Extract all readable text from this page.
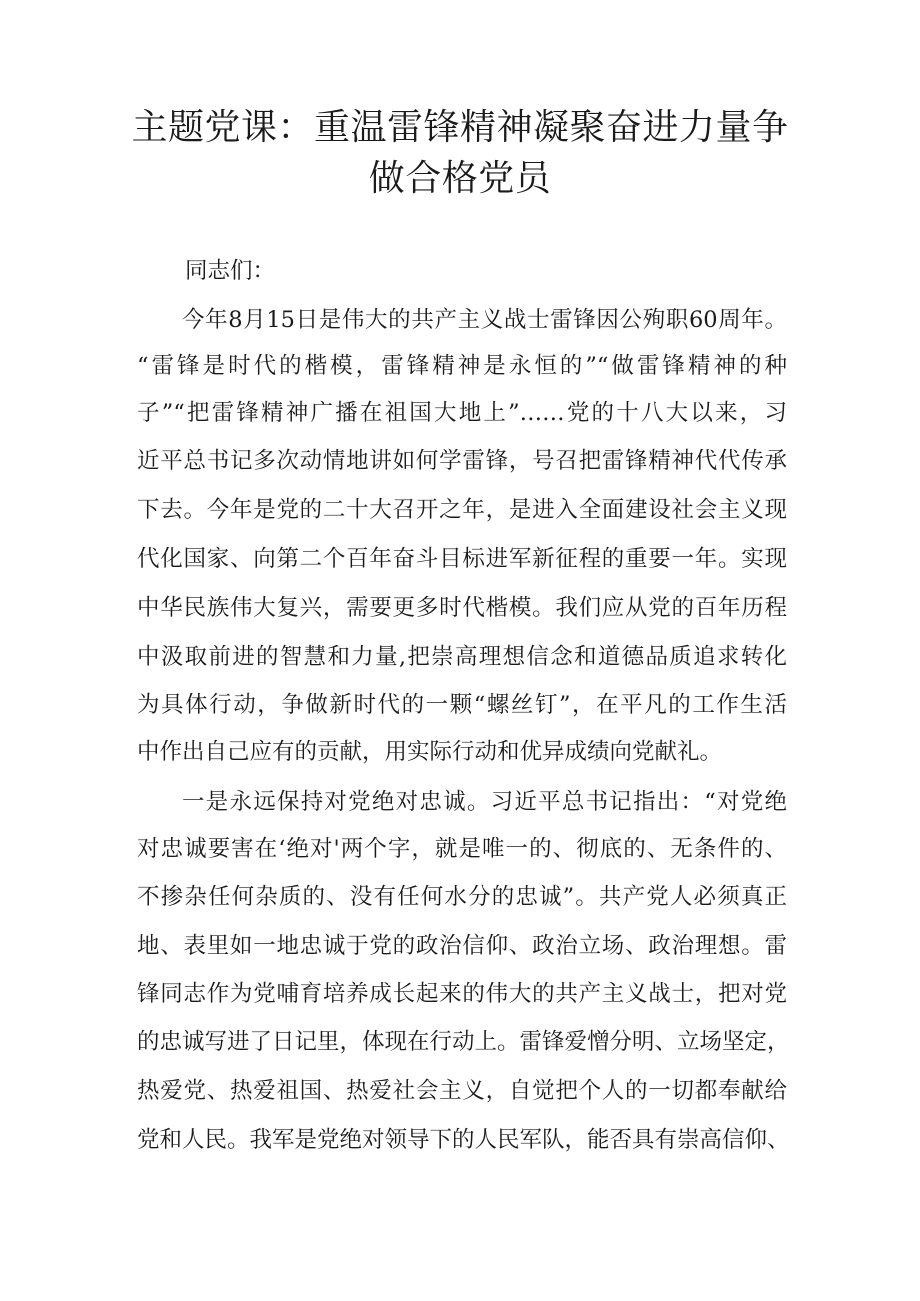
主题党课：重温雷锋精神凝聚奋进力量争
做合格党员

同志们：

今年8月15日是伟大的共产主义战士雷锋因公殉职60周年。

“雷锋是时代的楷模，雷锋精神是永恒的”“做雷锋精神的种

子”“把雷锋精神广播在祖国大地上”……党的十八大以来，习

近平总书记多次动情地讲如何学雷锋，号召把雷锋精神代代传承

下去。今年是党的二十大召开之年，是进入全面建设社会主义现

代化国家、向第二个百年奋斗目标进军新征程的重要一年。实现

中华民族伟大复兴，需要更多时代楷模。我们应从党的百年历程

中汲取前进的智慧和力量,把崇高理想信念和道德品质追求转化

为具体行动，争做新时代的一颗“螺丝钉”，在平凡的工作生活

中作出自己应有的贡献，用实际行动和优异成绩向党献礼。

一是永远保持对党绝对忠诚。习近平总书记指出：“对党绝

对忠诚要害在‘绝对'两个字，就是唯一的、彻底的、无条件的、

不掺杂任何杂质的、没有任何水分的忠诚”。共产党人必须真正

地、表里如一地忠诚于党的政治信仰、政治立场、政治理想。雷

锋同志作为党哺育培养成长起来的伟大的共产主义战士，把对党

的忠诚写进了日记里，体现在行动上。雷锋爱憎分明、立场坚定，

热爱党、热爱祖国、热爱社会主义，自觉把个人的一切都奉献给

党和人民。我军是党绝对领导下的人民军队，能否具有崇高信仰、
